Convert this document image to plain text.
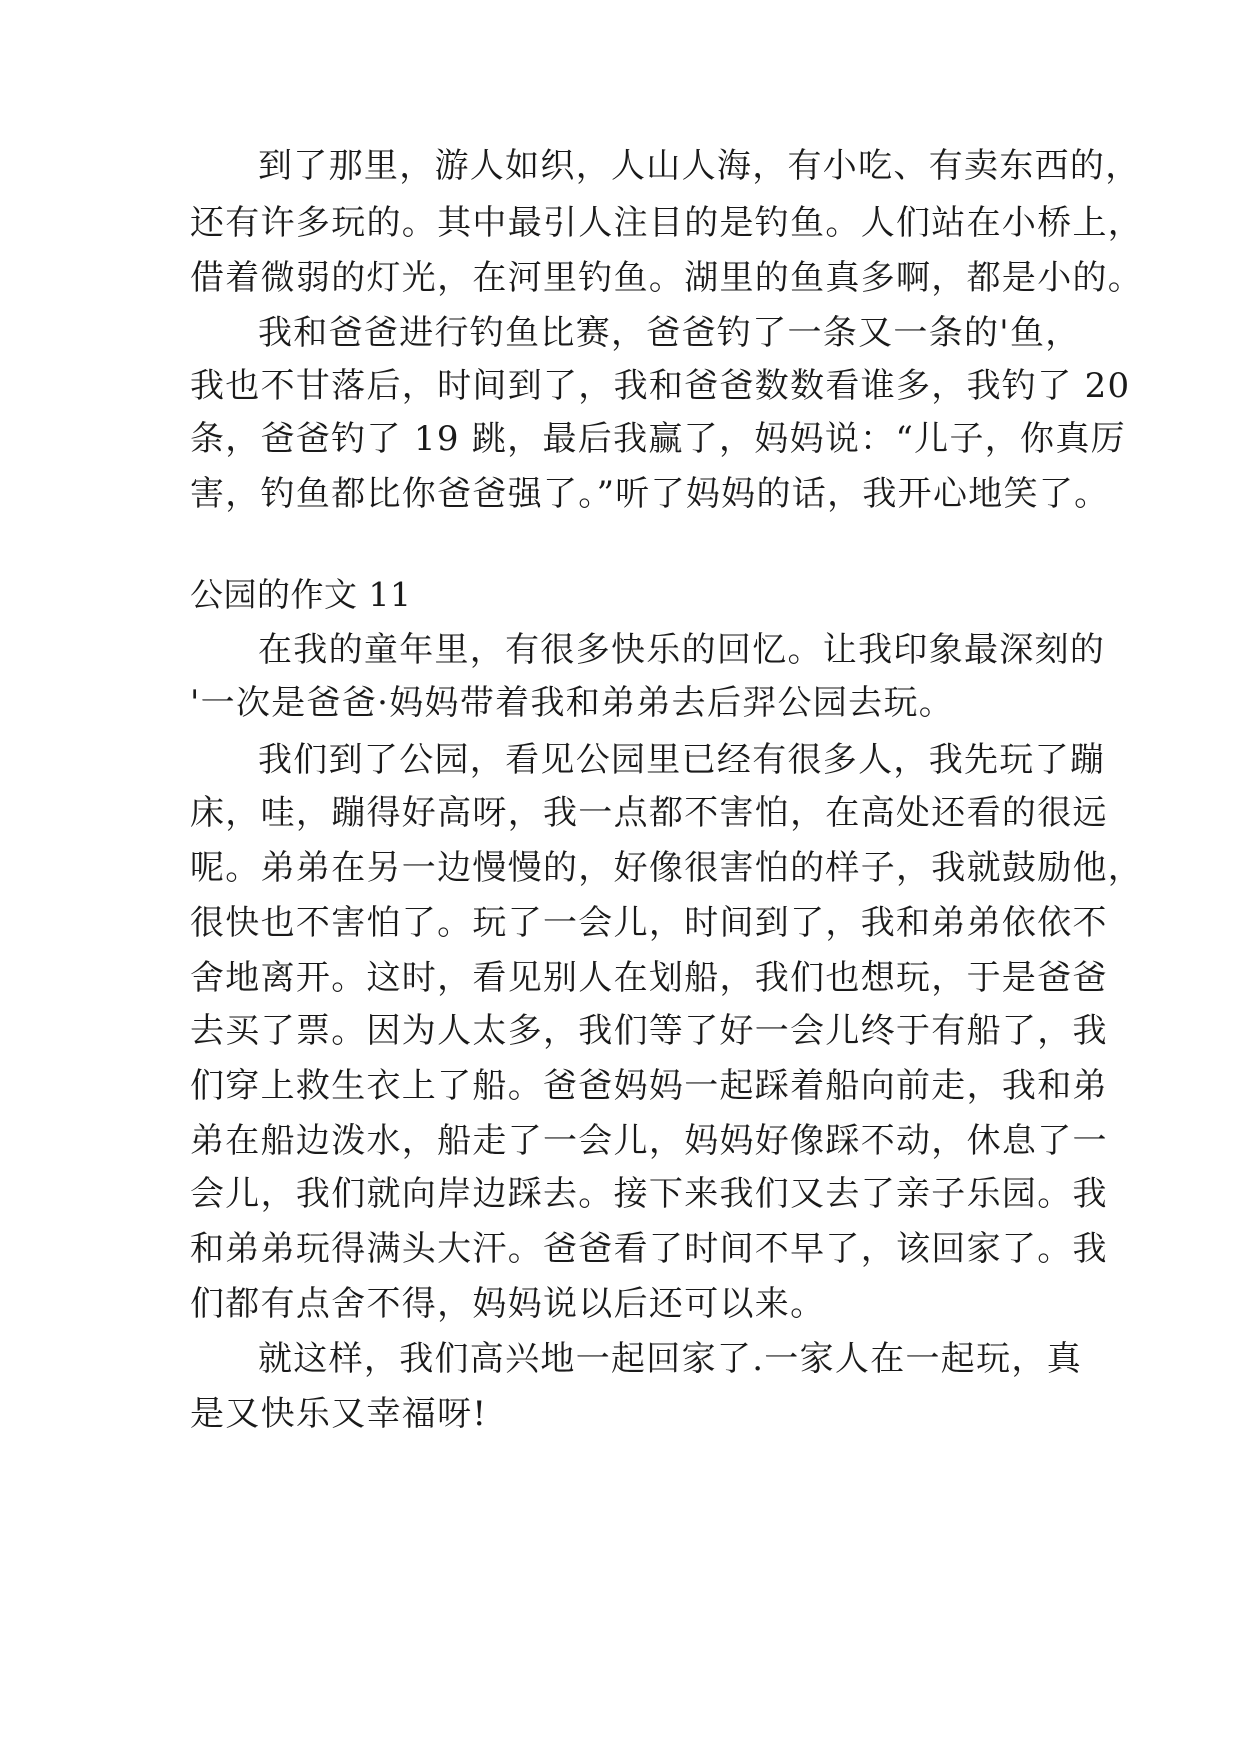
到了那里，游人如织，人山人海，有小吃、有卖东西的，
还有许多玩的。其中最引人注目的是钓鱼。人们站在小桥上，
借着微弱的灯光，在河里钓鱼。湖里的鱼真多啊，都是小的。
我和爸爸进行钓鱼比赛，爸爸钓了一条又一条的'鱼，
我也不甘落后，时间到了，我和爸爸数数看谁多，我钓了 20
条，爸爸钓了 19 跳，最后我赢了，妈妈说：“儿子，你真厉
害，钓鱼都比你爸爸强了。”听了妈妈的话，我开心地笑了。
公园的作文 11
在我的童年里，有很多快乐的回忆。让我印象最深刻的
'一次是爸爸·妈妈带着我和弟弟去后羿公园去玩。
我们到了公园，看见公园里已经有很多人，我先玩了蹦
床，哇，蹦得好高呀，我一点都不害怕，在高处还看的很远
呢。弟弟在另一边慢慢的，好像很害怕的样子，我就鼓励他，
很快也不害怕了。玩了一会儿，时间到了，我和弟弟依依不
舍地离开。这时，看见别人在划船，我们也想玩，于是爸爸
去买了票。因为人太多，我们等了好一会儿终于有船了，我
们穿上救生衣上了船。爸爸妈妈一起踩着船向前走，我和弟
弟在船边泼水，船走了一会儿，妈妈好像踩不动，休息了一
会儿，我们就向岸边踩去。接下来我们又去了亲子乐园。我
和弟弟玩得满头大汗。爸爸看了时间不早了，该回家了。我
们都有点舍不得，妈妈说以后还可以来。
就这样，我们高兴地一起回家了.一家人在一起玩，真
是又快乐又幸福呀!
